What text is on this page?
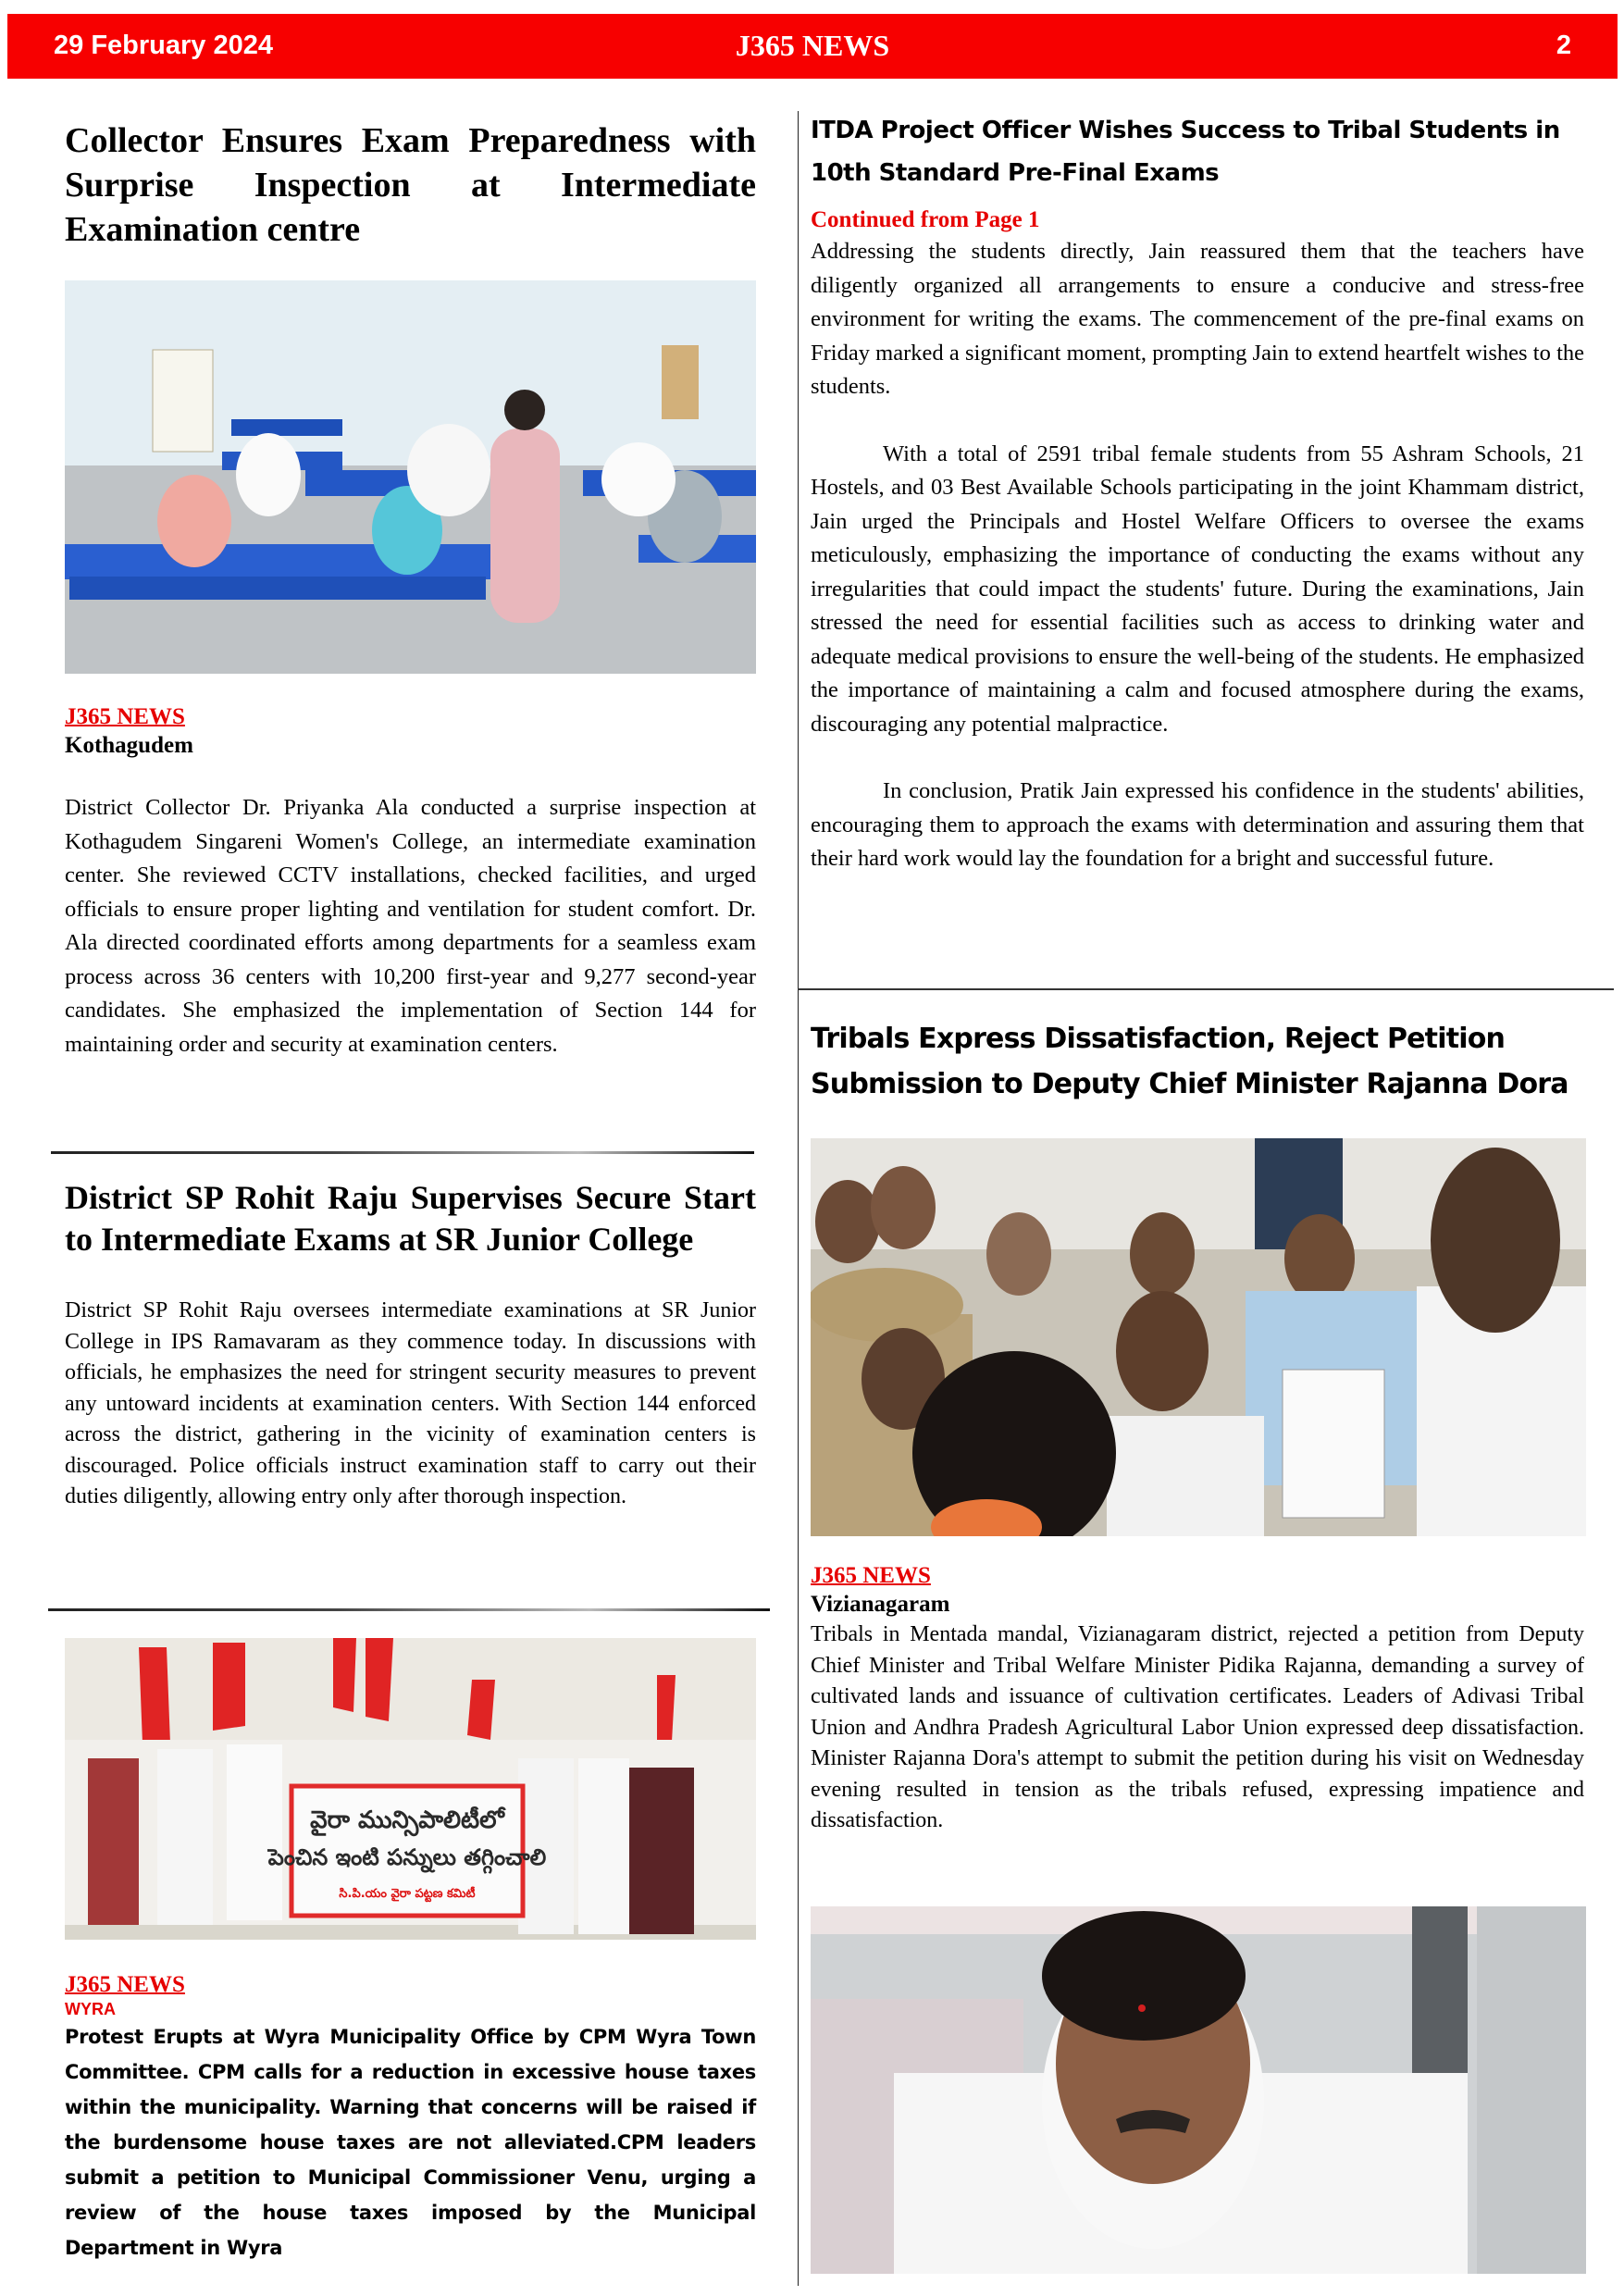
29 February 2024	J365 NEWS	2
Collector Ensures Exam Preparedness with Surprise Inspection at Intermediate Examination centre
J365 NEWS
Kothagudem

District Collector Dr. Priyanka Ala conducted a surprise inspection at Kothagudem Singareni Women's College, an intermediate examination center. She reviewed CCTV installations, checked facilities, and urged officials to ensure proper lighting and ventilation for student comfort. Dr. Ala directed coordinated efforts among departments for a seamless exam process across 36 centers with 10,200 first-year and 9,277 second-year candidates. She emphasized the implementation of Section 144 for maintaining order and security at examination centers.

District SP Rohit Raju Supervises Secure Start to Intermediate Exams at SR Junior College

District SP Rohit Raju oversees intermediate examinations at SR Junior College in IPS Ramavaram as they commence today. In discussions with officials, he emphasizes the need for stringent security measures to prevent any untoward incidents at examination centers. With Section 144 enforced across the district, gathering in the vicinity of examination centers is discouraged. Police officials instruct examination staff to carry out their duties diligently, allowing entry only after thorough inspection.

వైరా మున్సిపాలిటీలో
పెంచిన ఇంటి పన్నులు తగ్గించాలి
సి.పి.యం వైరా పట్టణ కమిటీ
J365 NEWS
WYRA

Protest Erupts at Wyra Municipality Office by CPM Wyra Town Committee. CPM calls for a reduction in excessive house taxes within the municipality. Warning that concerns will be raised if the burdensome house taxes are not alleviated.CPM leaders submit a petition to Municipal Commissioner Venu, urging a review of the house taxes imposed by the Municipal Department in Wyra

ITDA Project Officer Wishes Success to Tribal Students in 10th Standard Pre-Final Exams
Continued from Page 1

Addressing the students directly, Jain reassured them that the teachers have diligently organized all arrangements to ensure a conducive and stress-free environment for writing the exams. The commencement of the pre-final exams on Friday marked a significant moment, prompting Jain to extend heartfelt wishes to the students.

With a total of 2591 tribal female students from 55 Ashram Schools, 21 Hostels, and 03 Best Available Schools participating in the joint Khammam district, Jain urged the Principals and Hostel Welfare Officers to oversee the exams meticulously, emphasizing the importance of conducting the exams without any irregularities that could impact the students' future. During the examinations, Jain stressed the need for essential facilities such as access to drinking water and adequate medical provisions to ensure the well-being of the students. He emphasized the importance of maintaining a calm and focused atmosphere during the exams, discouraging any potential malpractice.

In conclusion, Pratik Jain expressed his confidence in the students' abilities, encouraging them to approach the exams with determination and assuring them that their hard work would lay the foundation for a bright and successful future.

Tribals Express Dissatisfaction, Reject Petition
Submission to Deputy Chief Minister Rajanna Dora
J365 NEWS
Vizianagaram

Tribals in Mentada mandal, Vizianagaram district, rejected a petition from Deputy Chief Minister and Tribal Welfare Minister Pidika Rajanna, demanding a survey of cultivated lands and issuance of cultivation certificates. Leaders of Adivasi Tribal Union and Andhra Pradesh Agricultural Labor Union expressed deep dissatisfaction. Minister Rajanna Dora's attempt to submit the petition during his visit on Wednesday evening resulted in tension as the tribals refused, expressing impatience and dissatisfaction.
